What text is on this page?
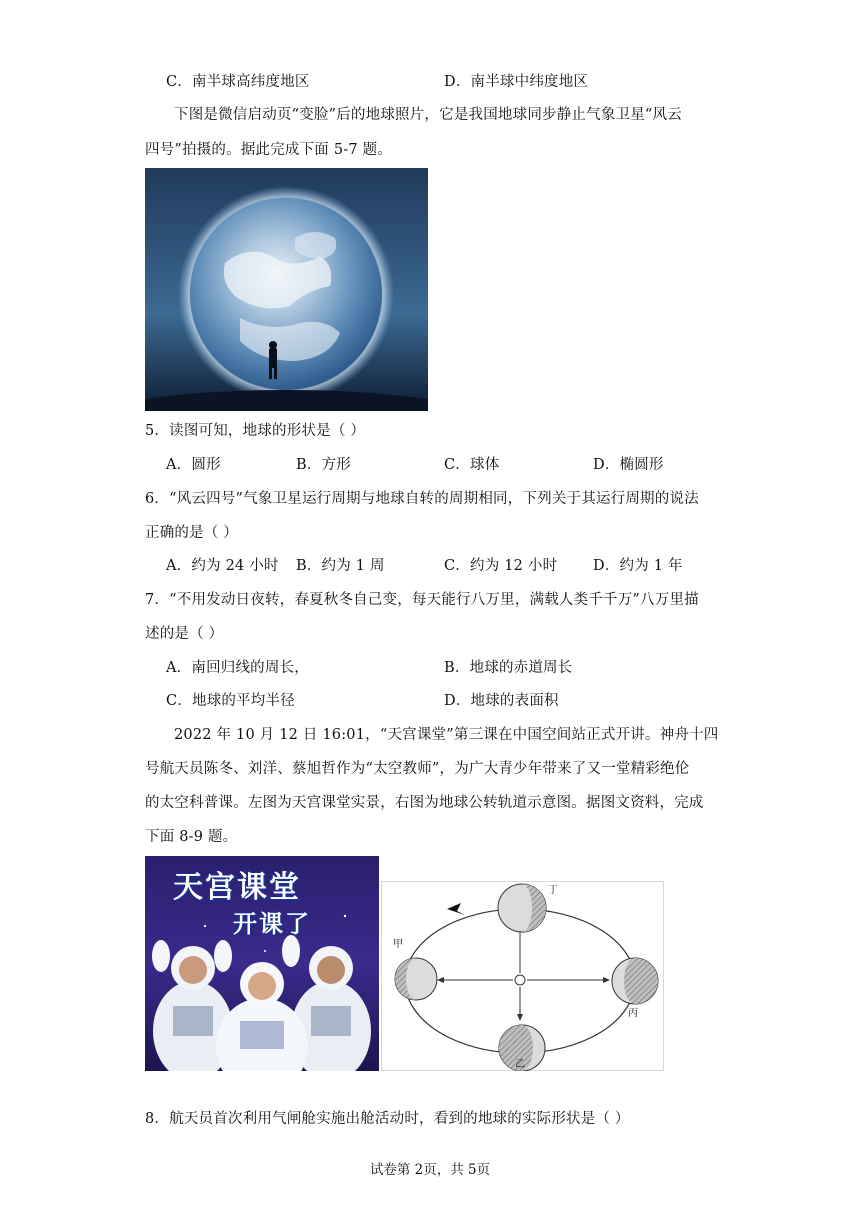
C．南半球高纬度地区	D．南半球中纬度地区
下图是微信启动页“变脸”后的地球照片，它是我国地球同步静止气象卫星“风云
四号”拍摄的。据此完成下面 5-7 题。
5．读图可知，地球的形状是（ ）
A．圆形	B．方形	C．球体	D．椭圆形
6．“风云四号”气象卫星运行周期与地球自转的周期相同，下列关于其运行周期的说法
正确的是（ ）
A．约为 24 小时 B．约为 1 周	C．约为 12 小时 D．约为 1 年
7．“不用发动日夜转，春夏秋冬自己变，每天能行八万里，满载人类千千万”八万里描
述的是（ ）
A．南回归线的周长，	B．地球的赤道周长
C．地球的平均半径	D．地球的表面积
2022 年 10 月 12 日 16:01，“天宫课堂”第三课在中国空间站正式开讲。神舟十四
号航天员陈冬、刘洋、蔡旭哲作为“太空教师”，为广大青少年带来了又一堂精彩绝伦
的太空科普课。左图为天宫课堂实景，右图为地球公转轨道示意图。据图文资料，完成
下面 8-9 题。
天宫课堂
开课了
甲
乙
丙
丁
8．航天员首次利用气闸舱实施出舱活动时，看到的地球的实际形状是（ ）
试卷第 2页，共 5页
